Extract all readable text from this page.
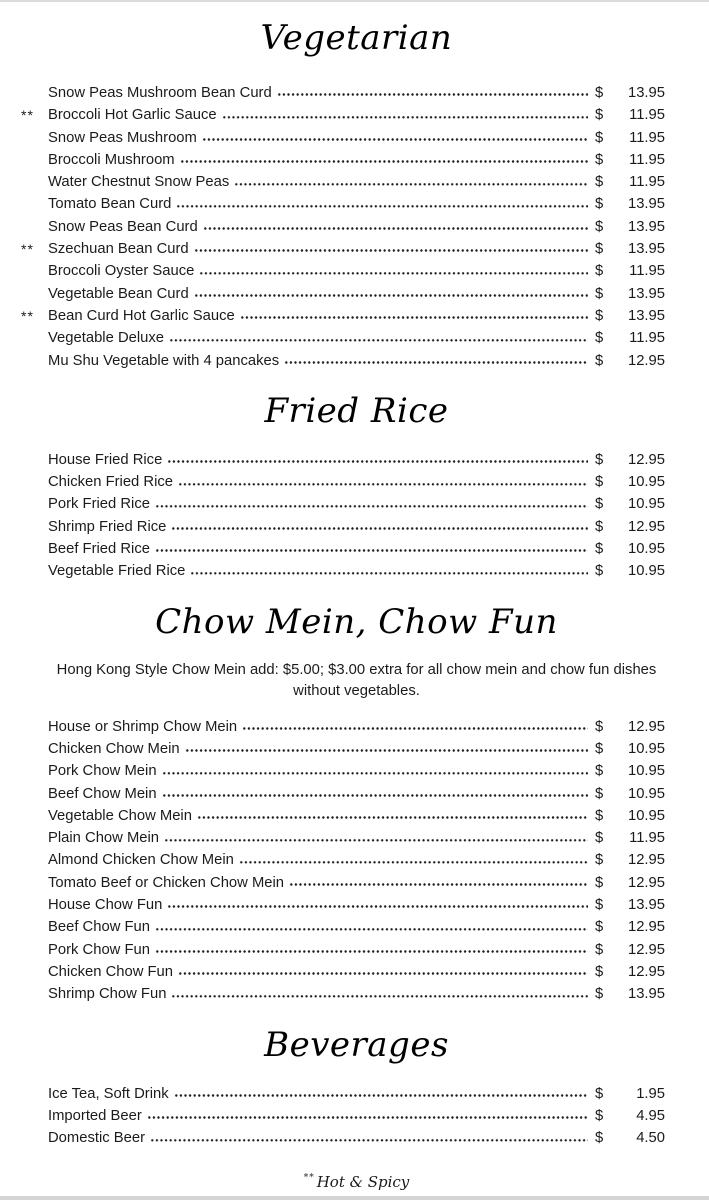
Vegetarian
Snow Peas Mushroom Bean Curd	$	13.95
** Broccoli Hot Garlic Sauce	$	11.95
Snow Peas Mushroom	$	11.95
Broccoli Mushroom	$	11.95
Water Chestnut Snow Peas	$	11.95
Tomato Bean Curd	$	13.95
Snow Peas Bean Curd	$	13.95
** Szechuan Bean Curd	$	13.95
Broccoli Oyster Sauce	$	11.95
Vegetable Bean Curd	$	13.95
** Bean Curd Hot Garlic Sauce	$	13.95
Vegetable Deluxe	$	11.95
Mu Shu Vegetable with 4 pancakes	$	12.95
Fried Rice
House Fried Rice	$	12.95
Chicken Fried Rice	$	10.95
Pork Fried Rice	$	10.95
Shrimp Fried Rice	$	12.95
Beef Fried Rice	$	10.95
Vegetable Fried Rice	$	10.95
Chow Mein, Chow Fun

Hong Kong Style Chow Mein add: $5.00; $3.00 extra for all chow mein and chow fun dishes without vegetables.

House or Shrimp Chow Mein	$	12.95
Chicken Chow Mein	$	10.95
Pork Chow Mein	$	10.95
Beef Chow Mein	$	10.95
Vegetable Chow Mein	$	10.95
Plain Chow Mein	$	11.95
Almond Chicken Chow Mein	$	12.95
Tomato Beef or Chicken Chow Mein	$	12.95
House Chow Fun	$	13.95
Beef Chow Fun	$	12.95
Pork Chow Fun	$	12.95
Chicken Chow Fun	$	12.95
Shrimp Chow Fun	$	13.95
Beverages
Ice Tea, Soft Drink	$	1.95
Imported Beer	$	4.95
Domestic Beer	$	4.50
** Hot & Spicy
